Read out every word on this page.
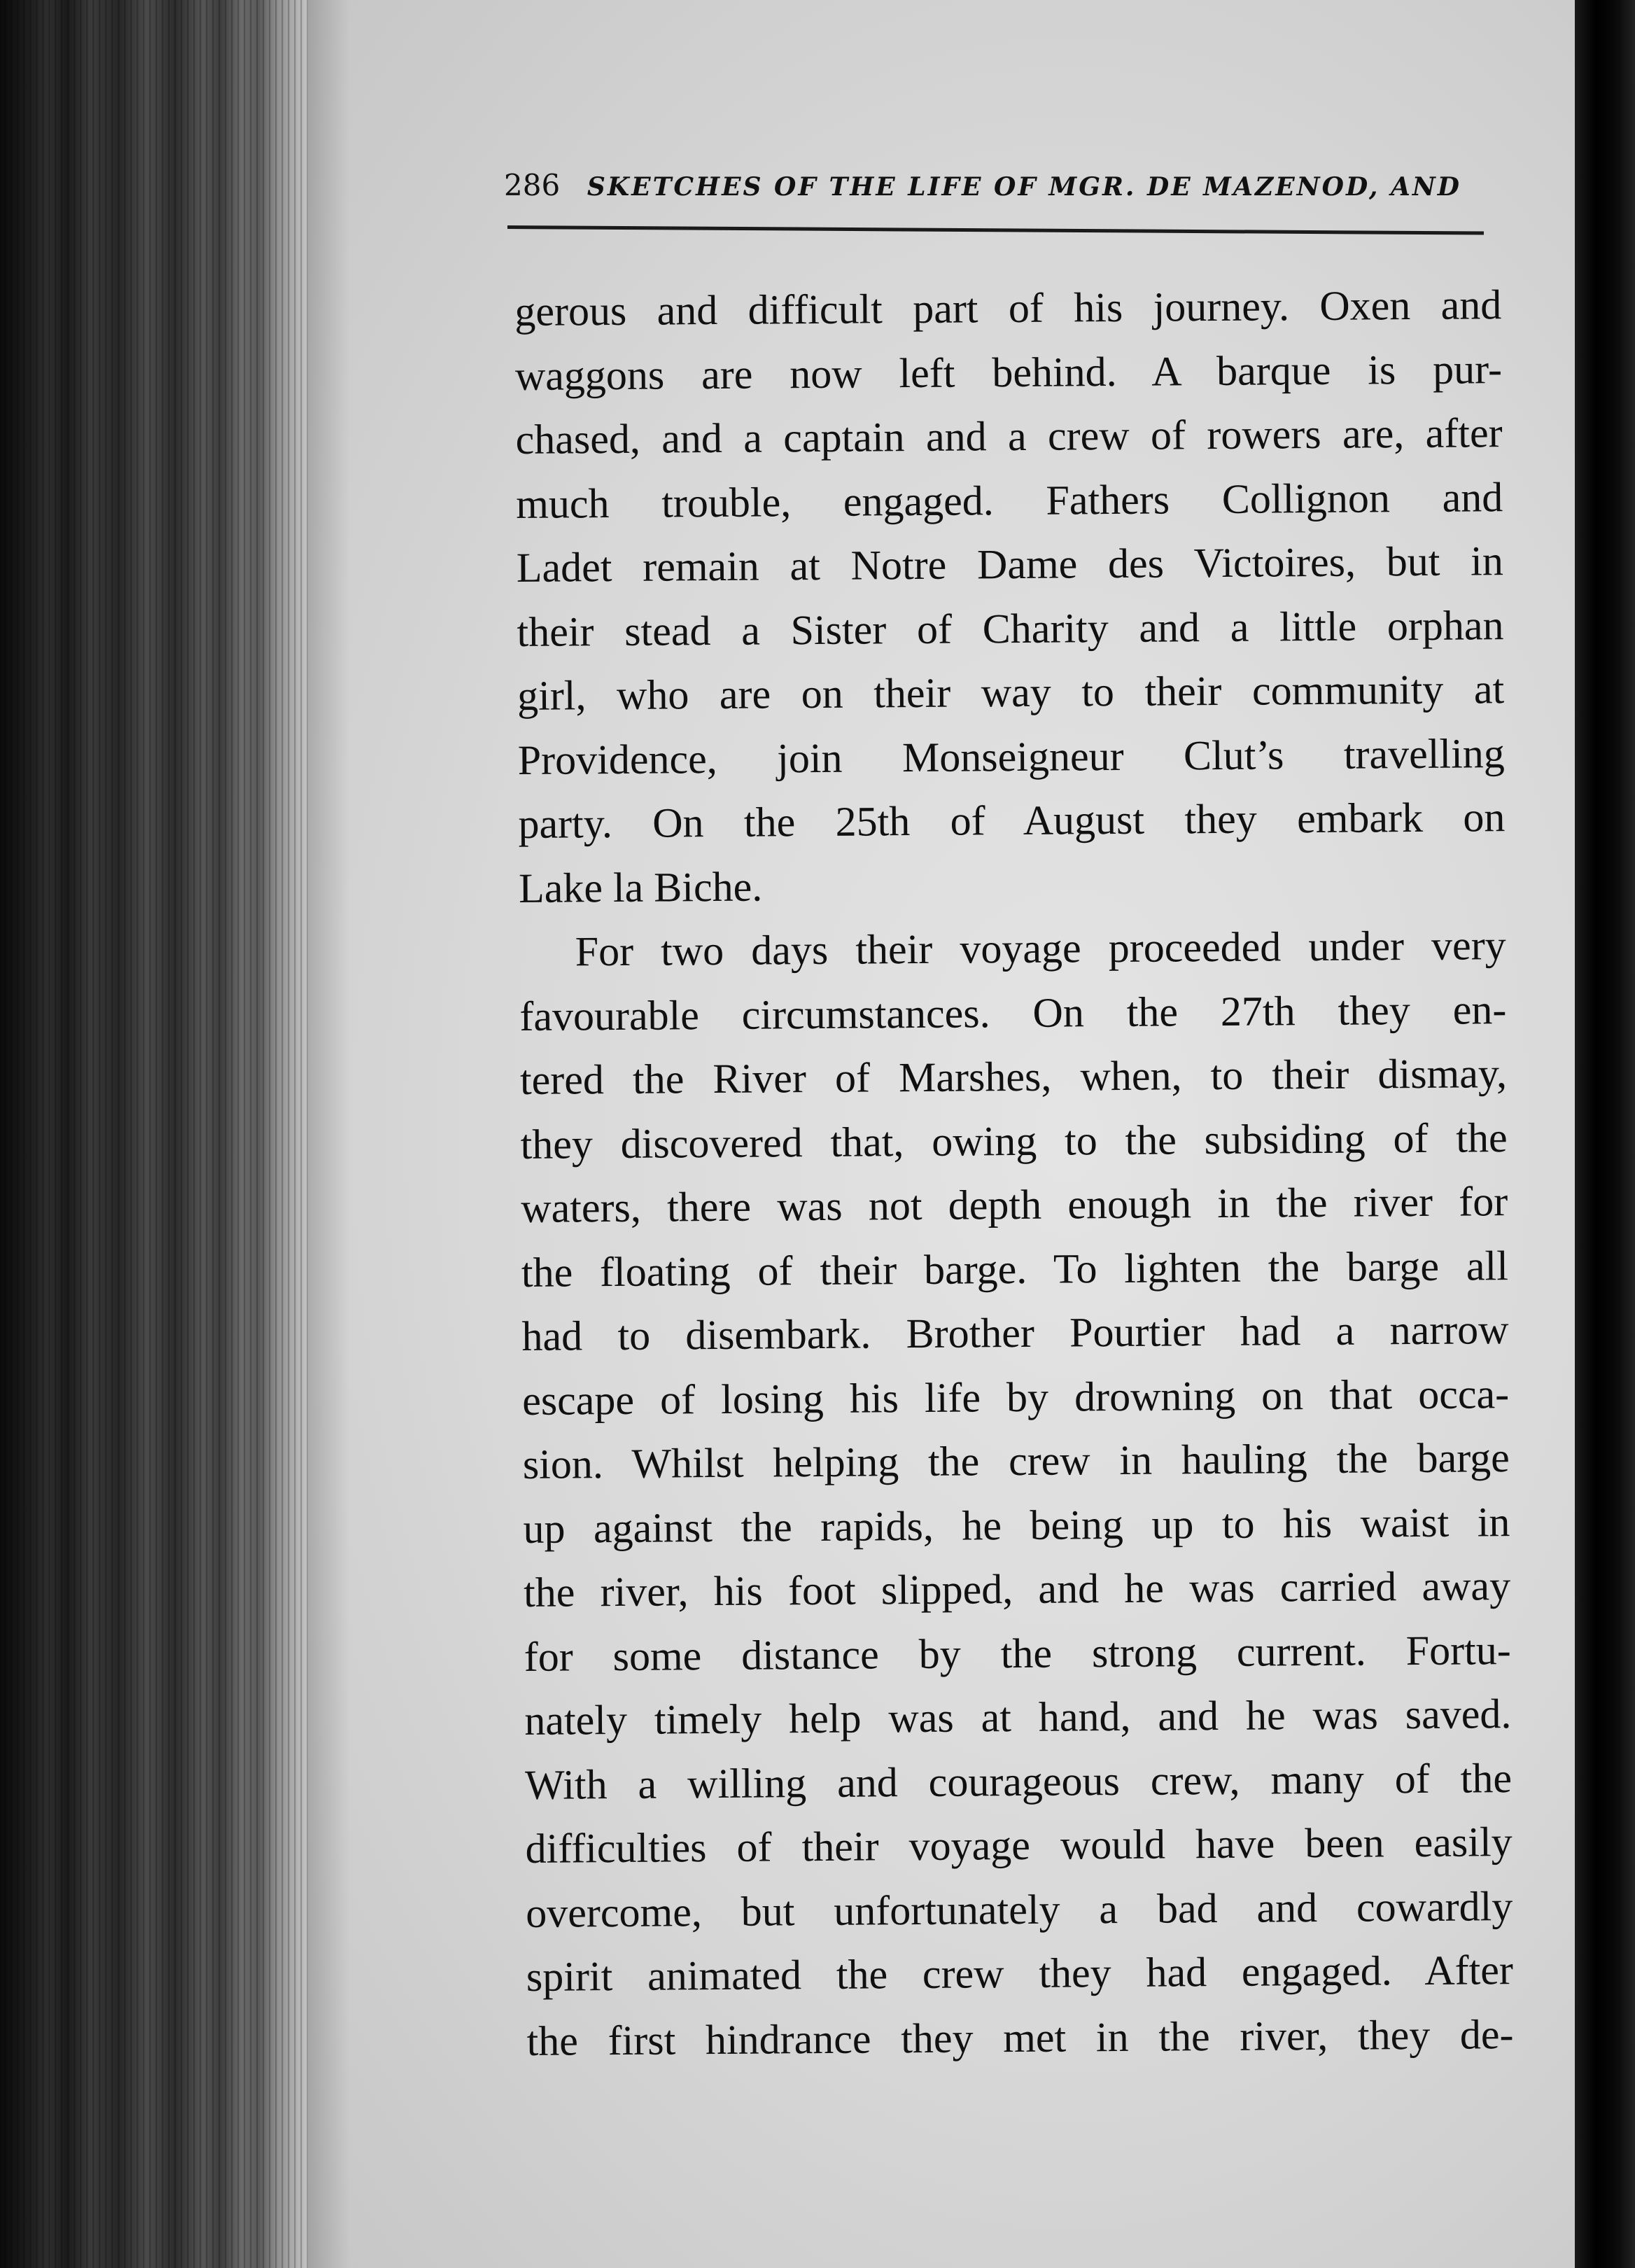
286 SKETCHES OF THE LIFE OF MGR. DE MAZENOD, AND
gerous and difficult part of his journey. Oxen and
waggons are now left behind. A barque is pur-
chased, and a captain and a crew of rowers are, after
much trouble, engaged. Fathers Collignon and
Ladet remain at Notre Dame des Victoires, but in
their stead a Sister of Charity and a little orphan
girl, who are on their way to their community at
Providence, join Monseigneur Clut’s travelling
party. On the 25th of August they embark on
Lake la Biche.
For two days their voyage proceeded under very
favourable circumstances. On the 27th they en-
tered the River of Marshes, when, to their dismay,
they discovered that, owing to the subsiding of the
waters, there was not depth enough in the river for
the floating of their barge. To lighten the barge all
had to disembark. Brother Pourtier had a narrow
escape of losing his life by drowning on that occa-
sion. Whilst helping the crew in hauling the barge
up against the rapids, he being up to his waist in
the river, his foot slipped, and he was carried away
for some distance by the strong current. Fortu-
nately timely help was at hand, and he was saved.
With a willing and courageous crew, many of the
difficulties of their voyage would have been easily
overcome, but unfortunately a bad and cowardly
spirit animated the crew they had engaged. After
the first hindrance they met in the river, they de-
